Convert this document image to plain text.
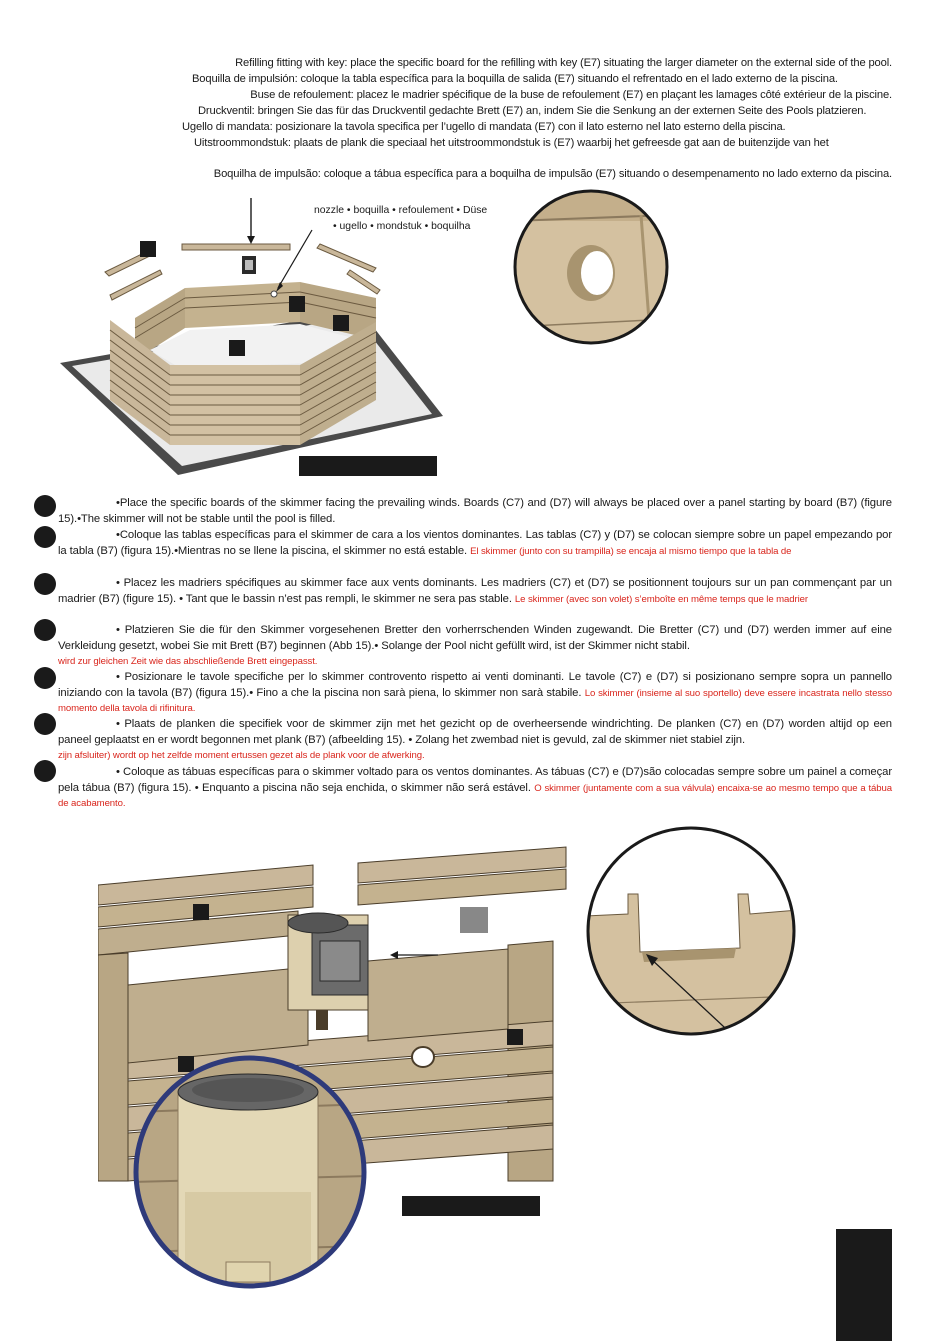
Refilling fitting with key: place the specific board for the refilling with key (E7) situating the larger diameter on the external side of the pool.
Boquilla de impulsión: coloque la tabla específica para la boquilla de salida (E7) situando el refrentado en el lado externo de la piscina.
Buse de refoulement: placez le madrier spécifique de la buse de refoulement (E7) en plaçant les lamages côté extérieur de la piscine.
Druckventil: bringen Sie das für das Druckventil gedachte Brett (E7) an, indem Sie die Senkung an der externen Seite des Pools platzieren.
Ugello di mandata: posizionare la tavola specifica per l’ugello di mandata (E7) con il lato esterno nel lato esterno della piscina.
Uitstroommondstuk: plaats de plank die speciaal het uitstroommondstuk is (E7) waarbij het gefreesde gat aan de buitenzijde van het
Boquilha de impulsão: coloque a tábua específica para a boquilha de impulsão (E7) situando o desempenamento no lado externo da piscina.
nozzle • boquilla • refoulement • Düse
• ugello • mondstuk • boquilha
•Place the specific boards of the skimmer facing the prevailing winds. Boards (C7) and (D7) will always be placed over a panel starting by board (B7) (figure 15).•The skimmer will not be stable until the pool is filled.
•Coloque las tablas específicas para el skimmer de cara a los vientos dominantes. Las tablas (C7) y (D7) se colocan siempre sobre un papel empezando por la tabla (B7) (figura 15).•Mientras no se llene la piscina, el skimmer no está estable. El skimmer (junto con su trampilla) se encaja al mismo tiempo que la tabla de
• Placez les madriers spécifiques au skimmer face aux vents dominants. Les madriers (C7) et (D7) se positionnent toujours sur un pan commençant par un madrier (B7) (figure 15). • Tant que le bassin n’est pas rempli, le skimmer ne sera pas stable. Le skimmer (avec son volet) s’emboîte en même temps que le madrier
• Platzieren Sie die für den Skimmer vorgesehenen Bretter den vorherrschenden Winden zugewandt. Die Bretter (C7) und (D7) werden immer auf eine Verkleidung gesetzt, wobei Sie mit Brett (B7) beginnen (Abb 15).• Solange der Pool nicht gefüllt wird, ist der Skimmer nicht stabil.
wird zur gleichen Zeit wie das abschließende Brett eingepasst.
• Posizionare le tavole specifiche per lo skimmer controvento rispetto ai venti dominanti. Le tavole (C7) e (D7) si posizionano sempre sopra un pannello iniziando con la tavola (B7) (figura 15).• Fino a che la piscina non sarà piena, lo skimmer non sarà stabile. Lo skimmer (insieme al suo sportello) deve essere incastrata nello stesso momento della tavola di rifinitura.
• Plaats de planken die specifiek voor de skimmer zijn met het gezicht op de overheersende windrichting. De planken (C7) en (D7) worden altijd op een paneel geplaatst en er wordt begonnen met plank (B7) (afbeelding 15). • Zolang het zwembad niet is gevuld, zal de skimmer niet stabiel zijn.
zijn afsluiter) wordt op het zelfde moment ertussen gezet als de plank voor de afwerking.
• Coloque as tábuas específicas para o skimmer voltado para os ventos dominantes. As tábuas (C7) e (D7)são colocadas sempre sobre um painel a começar pela tábua (B7) (figura 15). • Enquanto a piscina não seja enchida, o skimmer não será estável. O skimmer (juntamente com a sua válvula) encaixa-se ao mesmo tempo que a tábua de acabamento.
